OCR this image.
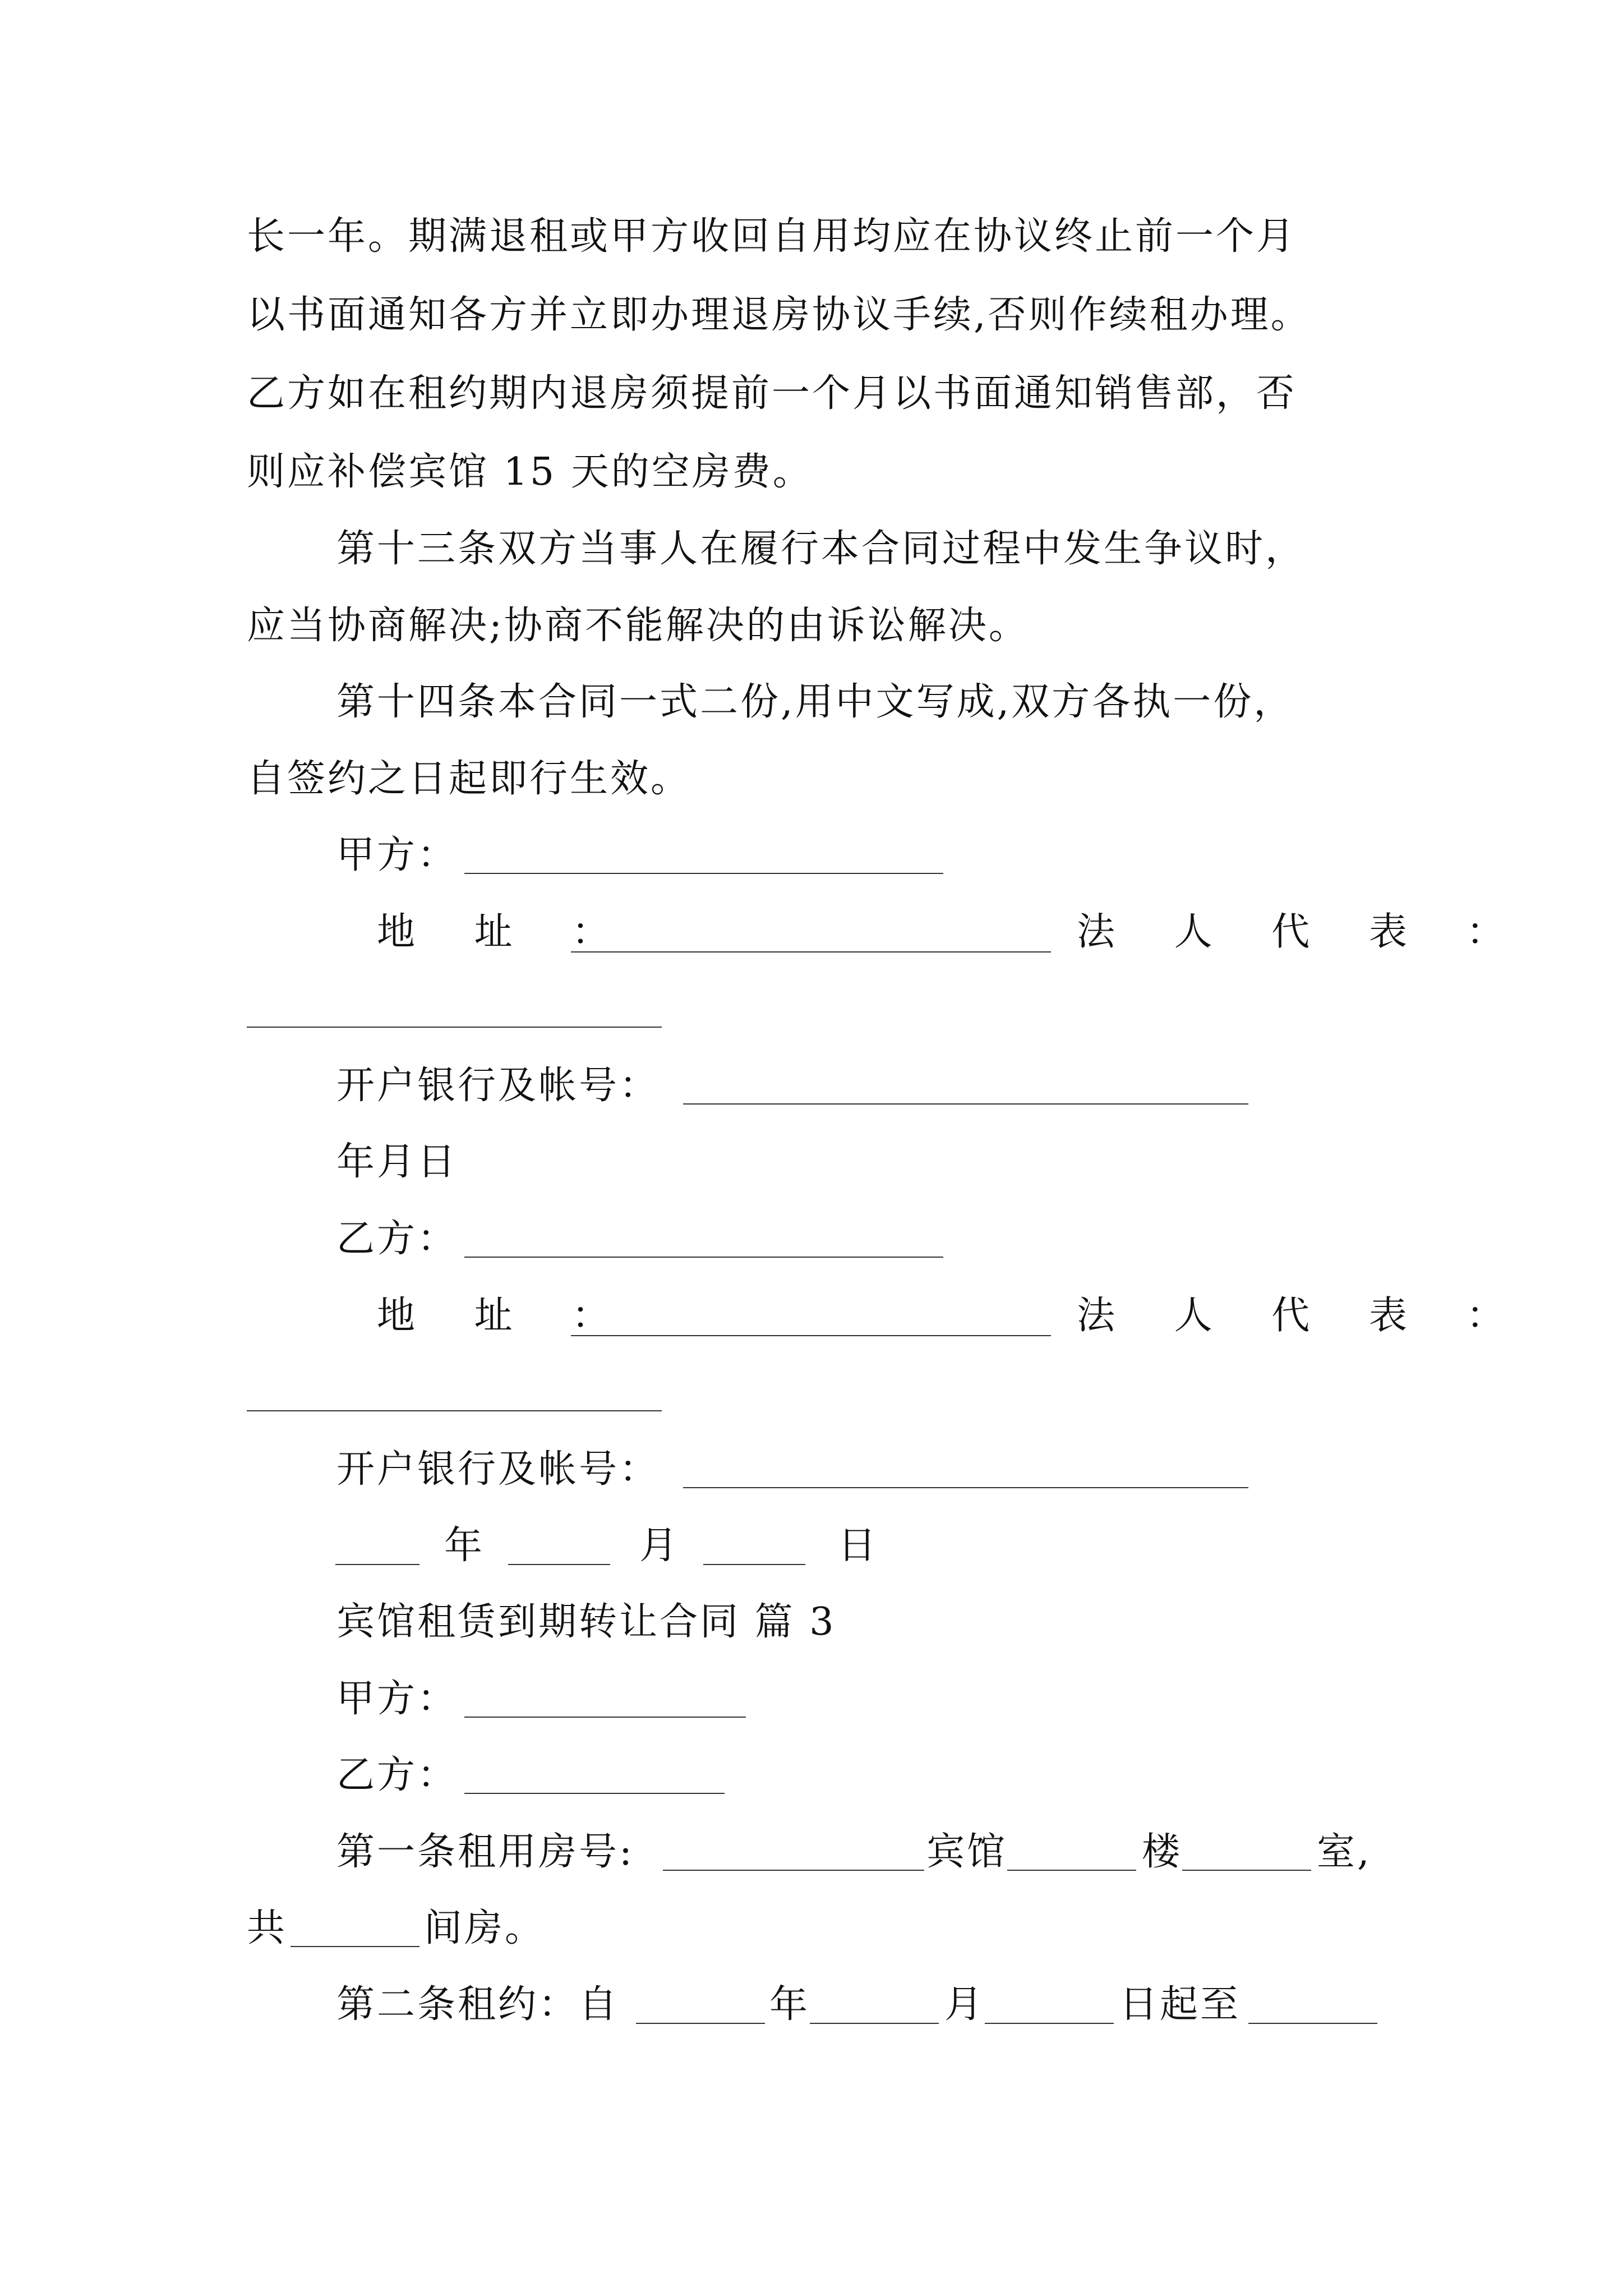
长一年。期满退租或甲方收回自用均应在协议终止前一个月
以书面通知各方并立即办理退房协议手续,否则作续租办理。
乙方如在租约期内退房须提前一个月以书面通知销售部，否
则应补偿宾馆 15 天的空房费。
第十三条双方当事人在履行本合同过程中发生争议时，
应当协商解决;协商不能解决的由诉讼解决。
第十四条本合同一式二份,用中文写成,双方各执一份，
自签约之日起即行生效。
甲方：
地 址 ：	法 人 代 表 ：
开户银行及帐号：
年月日
乙方：
地 址 ：	法 人 代 表 ：
开户银行及帐号：
年	月	日
宾馆租赁到期转让合同 篇 3
甲方：
乙方：
第一条租用房号:	宾馆	楼	室,
共	间房。
第二条租约：自	年	月	日起至
